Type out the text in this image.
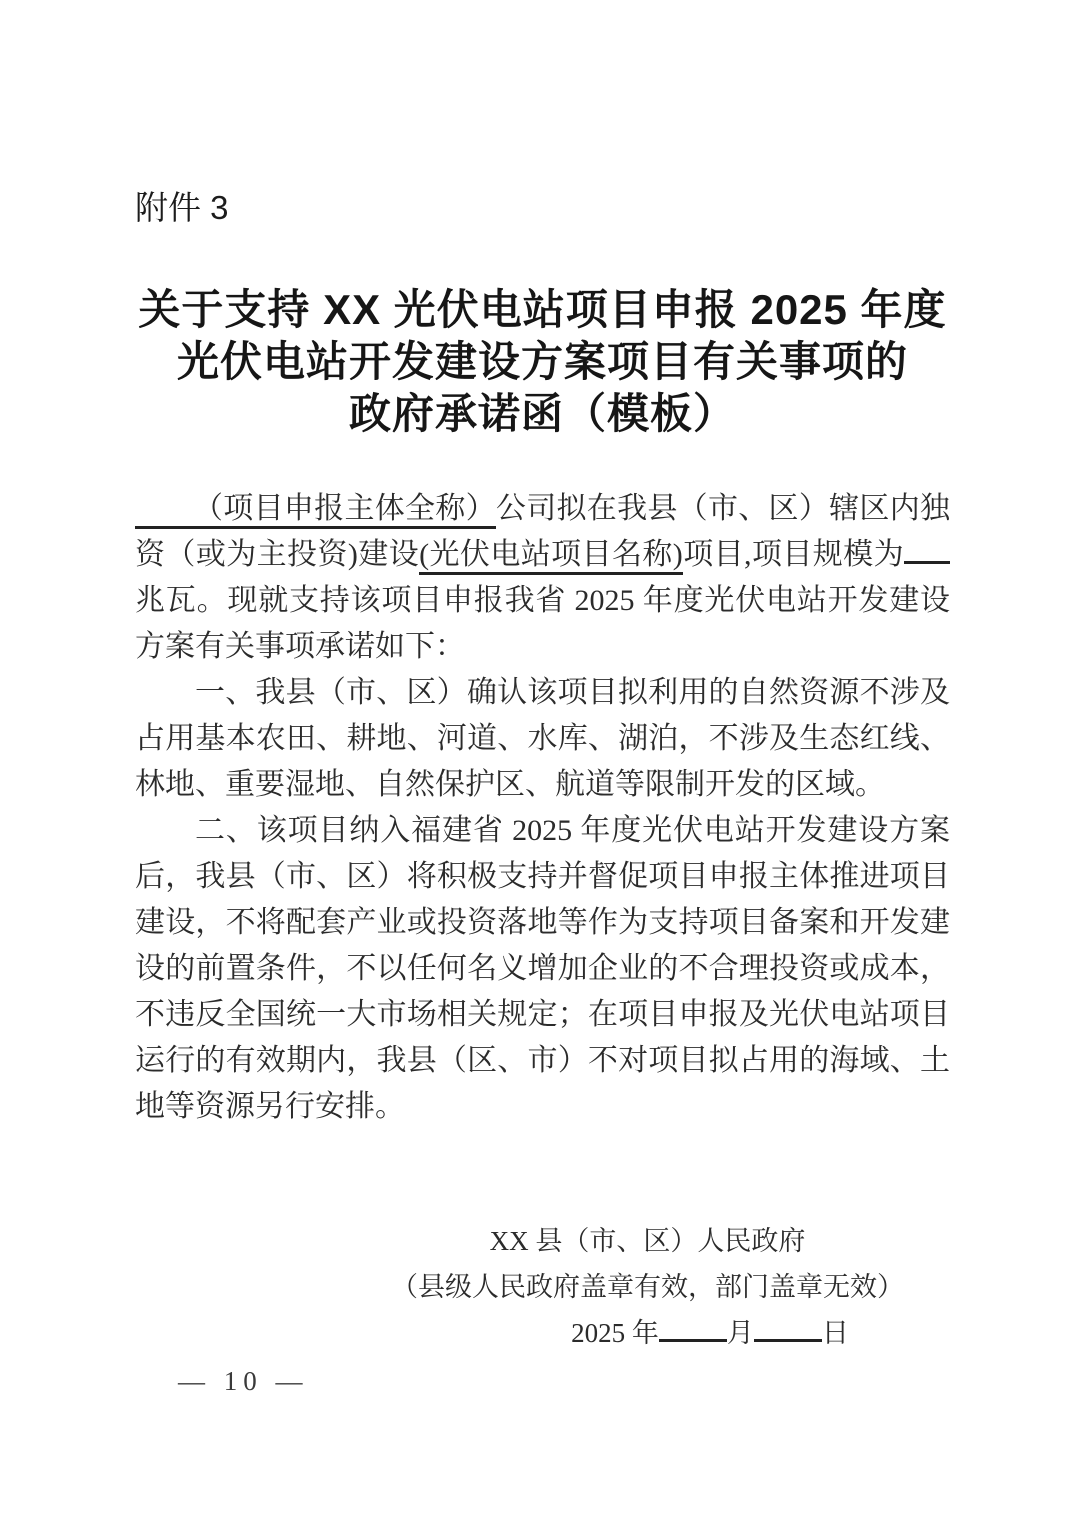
附件 3
关于支持 XX 光伏电站项目申报 2025 年度
光伏电站开发建设方案项目有关事项的
政府承诺函（模板）

（项目申报主体全称）公司拟在我县（市、区）辖区内独资（或为主投资)建设(光伏电站项目名称)项目,项目规模为兆瓦。现就支持该项目申报我省 2025 年度光伏电站开发建设方案有关事项承诺如下：

一、我县（市、区）确认该项目拟利用的自然资源不涉及占用基本农田、耕地、河道、水库、湖泊，不涉及生态红线、林地、重要湿地、自然保护区、航道等限制开发的区域。

二、该项目纳入福建省 2025 年度光伏电站开发建设方案后，我县（市、区）将积极支持并督促项目申报主体推进项目建设，不将配套产业或投资落地等作为支持项目备案和开发建设的前置条件，不以任何名义增加企业的不合理投资或成本，不违反全国统一大市场相关规定；在项目申报及光伏电站项目运行的有效期内，我县（区、市）不对项目拟占用的海域、土地等资源另行安排。

XX 县（市、区）人民政府

（县级人民政府盖章有效，部门盖章无效）

2025 年	月	日

— 10 —
